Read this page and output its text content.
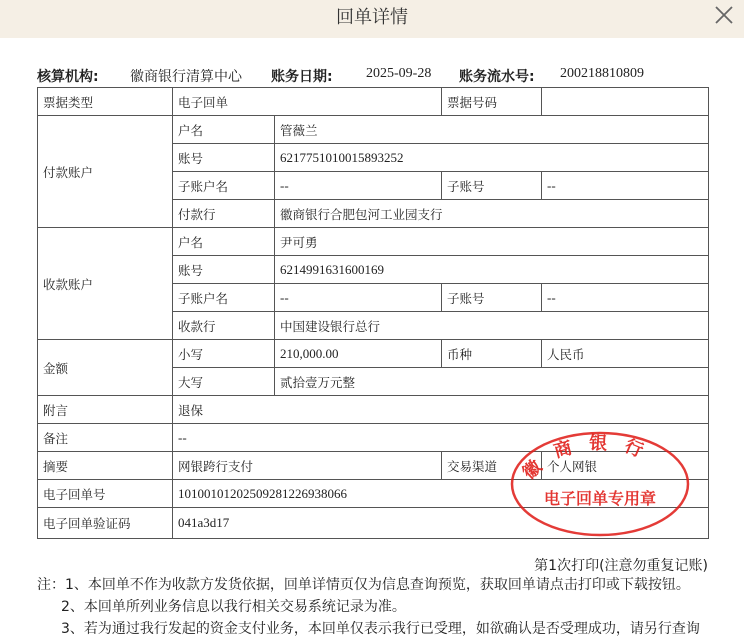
回单详情
核算机构: 徽商银行清算中心 账务日期: 2025-09-28 账务流水号: 200218810809
票据类型	电子回单		票据号码	
付款账户	户名	管薇兰		
	账号	6217751010015893252		
	子账户名	--	子账号	--
	付款行	徽商银行合肥包河工业园支行		
收款账户	户名	尹可勇		
	账号	6214991631600169		
	子账户名	--	子账号	--
	收款行	中国建设银行总行		
金额	小写	210,000.00	币种	人民币
	大写	贰拾壹万元整		
附言	退保			
备注	--			
摘要	网银跨行支付		交易渠道	个人网银
电子回单号	10100101202509281226938066			
电子回单验证码	041a3d17			
第1次打印(注意勿重复记账)
注：1、本回单不作为收款方发货依据，回单详情页仅为信息查询预览，获取回单请点击打印或下载按钮。
2、本回单所列业务信息以我行相关交易系统记录为准。
3、若为通过我行发起的资金支付业务，本回单仅表示我行已受理，如欲确认是否受理成功，请另行查询
徽商银行
电子回单专用章
